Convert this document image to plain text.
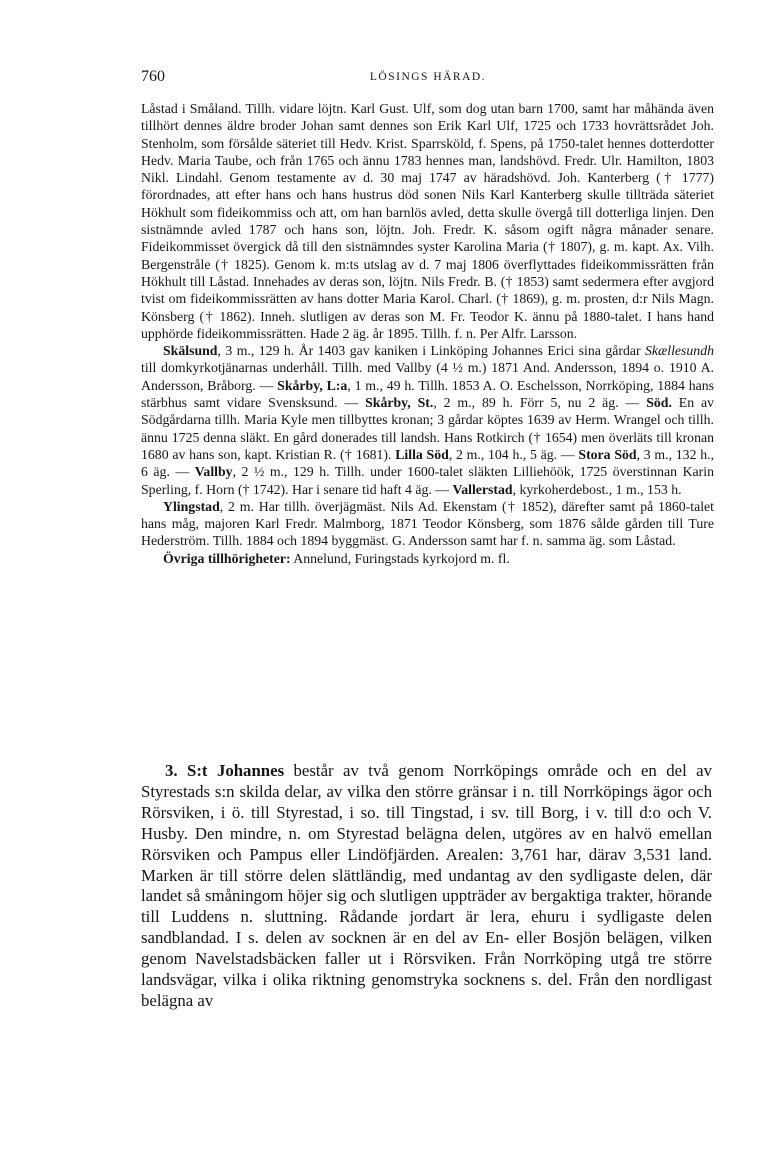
760	LÖSINGS HÄRAD.

Låstad i Småland. Tillh. vidare löjtn. Karl Gust. Ulf, som dog utan barn 1700, samt har måhända även tillhört dennes äldre broder Johan samt dennes son Erik Karl Ulf, 1725 och 1733 hovrättsrådet Joh. Stenholm, som försålde säteriet till Hedv. Krist. Sparrsköld, f. Spens, på 1750-talet hennes dotterdotter Hedv. Maria Taube, och från 1765 och ännu 1783 hennes man, landshövd. Fredr. Ulr. Hamilton, 1803 Nikl. Lindahl. Genom testamente av d. 30 maj 1747 av häradshövd. Joh. Kanterberg († 1777) förordnades, att efter hans och hans hustrus död sonen Nils Karl Kanterberg skulle tillträda säteriet Hökhult som fideikommiss och att, om han barnlös avled, detta skulle övergå till dotterliga linjen. Den sistnämnde avled 1787 och hans son, löjtn. Joh. Fredr. K. såsom ogift några månader senare. Fideikommisset övergick då till den sistnämndes syster Karolina Maria († 1807), g. m. kapt. Ax. Vilh. Bergenstråle († 1825). Genom k. m:ts utslag av d. 7 maj 1806 överflyttades fideikommissrätten från Hökhult till Låstad. Innehades av deras son, löjtn. Nils Fredr. B. († 1853) samt sedermera efter avgjord tvist om fideikommissrätten av hans dotter Maria Karol. Charl. († 1869), g. m. prosten, d:r Nils Magn. Könsberg († 1862). Inneh. slutligen av deras son M. Fr. Teodor K. ännu på 1880-talet. I hans hand upphörde fideikommissrätten. Hade 2 äg. år 1895. Tillh. f. n. Per Alfr. Larsson.

Skälsund, 3 m., 129 h. År 1403 gav kaniken i Linköping Johannes Erici sina gårdar Skællesundh till domkyrkotjänarnas underhåll. Tillh. med Vallby (4 ½ m.) 1871 And. Andersson, 1894 o. 1910 A. Andersson, Bråborg. — Skårby, L:a, 1 m., 49 h. Tillh. 1853 A. O. Eschelsson, Norrköping, 1884 hans stärbhus samt vidare Svensksund. — Skårby, St., 2 m., 89 h. Förr 5, nu 2 äg. — Söd. En av Södgårdarna tillh. Maria Kyle men tillbyttes kronan; 3 gårdar köptes 1639 av Herm. Wrangel och tillh. ännu 1725 denna släkt. En gård donerades till landsh. Hans Rotkirch († 1654) men överläts till kronan 1680 av hans son, kapt. Kristian R. († 1681). Lilla Söd, 2 m., 104 h., 5 äg. — Stora Söd, 3 m., 132 h., 6 äg. — Vallby, 2 ½ m., 129 h. Tillh. under 1600-talet släkten Lilliehöök, 1725 överstinnan Karin Sperling, f. Horn († 1742). Har i senare tid haft 4 äg. — Vallerstad, kyrkoherdebost., 1 m., 153 h.

Ylingstad, 2 m. Har tillh. överjägmäst. Nils Ad. Ekenstam († 1852), därefter samt på 1860-talet hans måg, majoren Karl Fredr. Malmborg, 1871 Teodor Könsberg, som 1876 sålde gården till Ture Hederström. Tillh. 1884 och 1894 byggmäst. G. Andersson samt har f. n. samma äg. som Låstad.

Övriga tillhörigheter: Annelund, Furingstads kyrkojord m. fl.

3. S:t Johannes består av två genom Norrköpings område och en del av Styrestads s:n skilda delar, av vilka den större gränsar i n. till Norrköpings ägor och Rörsviken, i ö. till Styrestad, i so. till Tingstad, i sv. till Borg, i v. till d:o och V. Husby. Den mindre, n. om Styrestad belägna delen, utgöres av en halvö emellan Rörsviken och Pampus eller Lindöfjärden. Arealen: 3,761 har, därav 3,531 land. Marken är till större delen slättländig, med undantag av den sydligaste delen, där landet så småningom höjer sig och slutligen uppträder av bergaktiga trakter, hörande till Luddens n. sluttning. Rådande jordart är lera, ehuru i sydligaste delen sandblandad. I s. delen av socknen är en del av En- eller Bosjön belägen, vilken genom Navelstadsbäcken faller ut i Rörsviken. Från Norrköping utgå tre större landsvägar, vilka i olika riktning genomstryka socknens s. del. Från den nordligast belägna av
